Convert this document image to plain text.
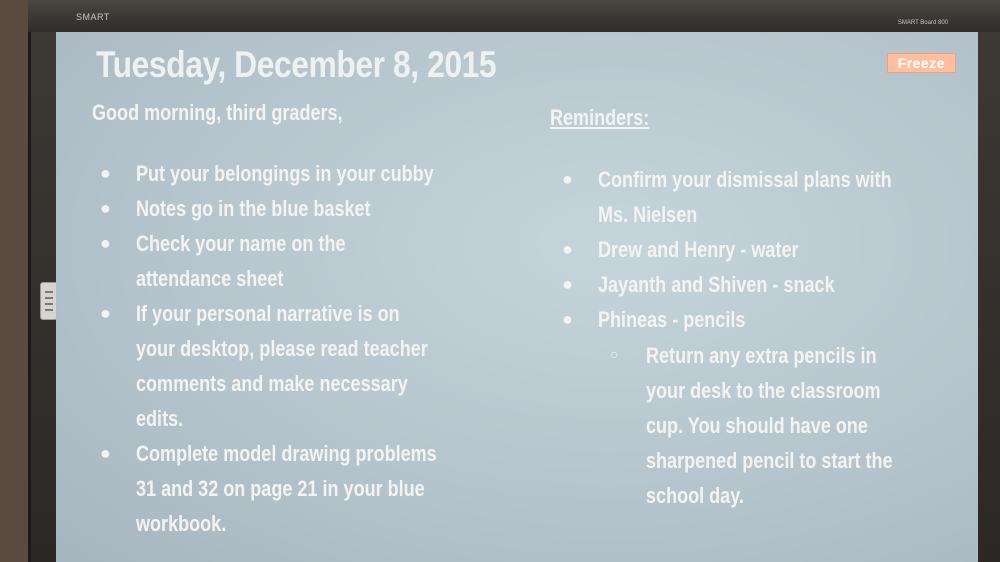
SMART
SMART Board 800
Tuesday, December 8, 2015	Freeze
Good morning, third graders,	Reminders:
● Put your belongings in your cubby
● Notes go in the blue basket
● Check your name on the
attendance sheet
● If your personal narrative is on
your desktop, please read teacher
comments and make necessary
edits.
● Complete model drawing problems
31 and 32 on page 21 in your blue
workbook.
● Confirm your dismissal plans with
Ms. Nielsen
● Drew and Henry - water
● Jayanth and Shiven - snack
● Phineas - pencils
○ Return any extra pencils in
your desk to the classroom
cup. You should have one
sharpened pencil to start the
school day.
